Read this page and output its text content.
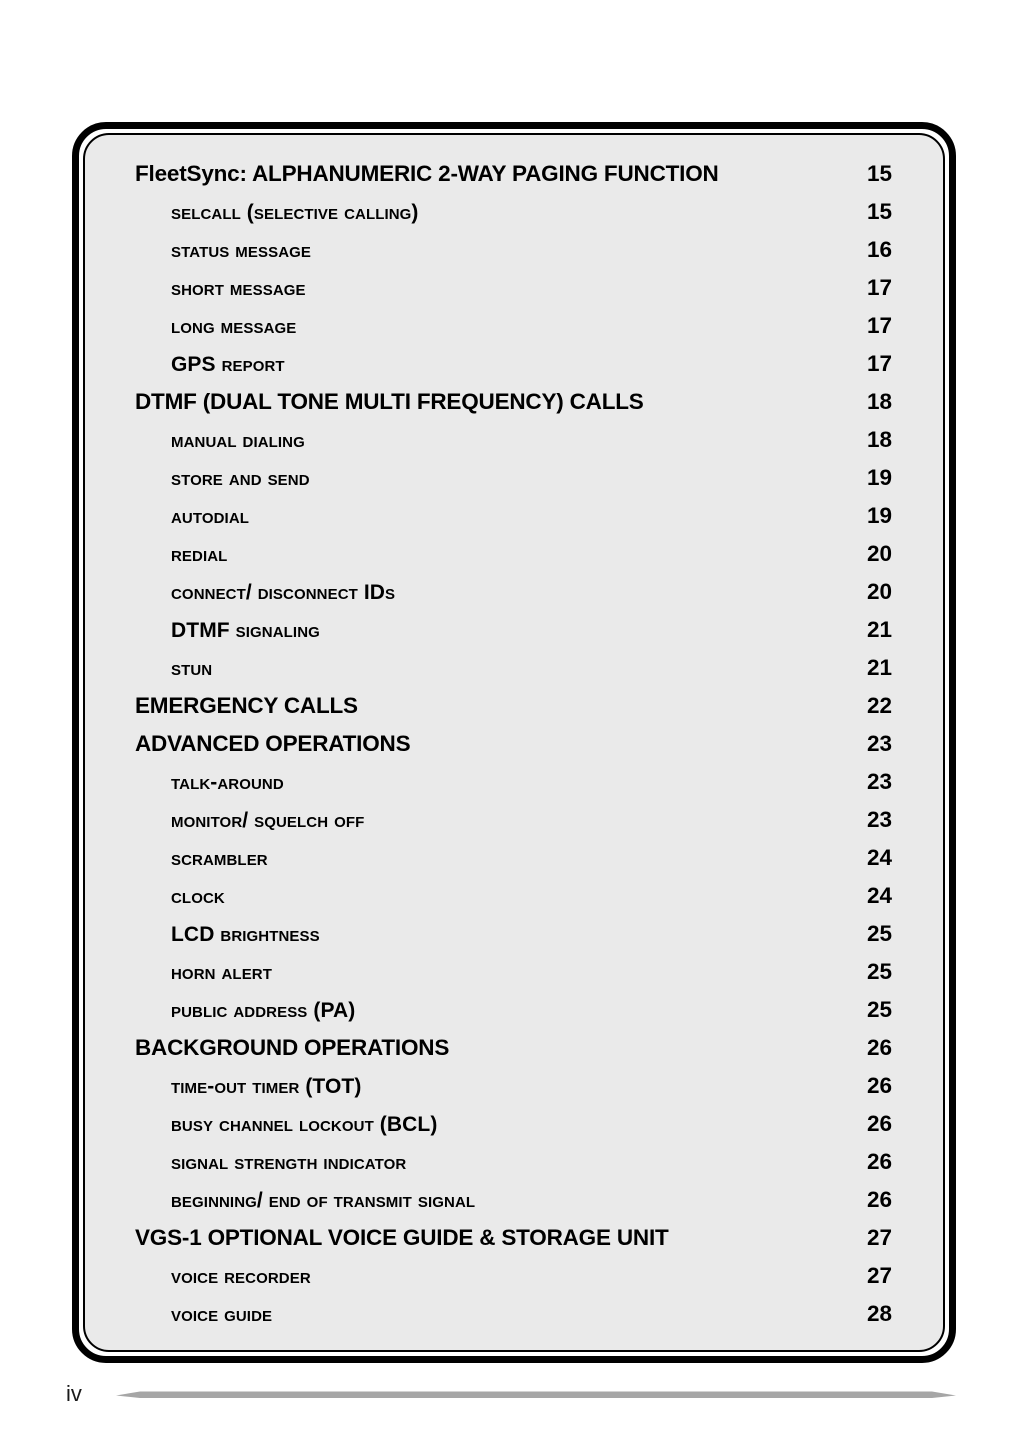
FleetSync: ALPHANUMERIC 2-WAY PAGING FUNCTION .....	15
selcall (selective calling) .....	15
status message .....	16
short message .....	17
long message .....	17
GPS report .....	17
DTMF (DUAL TONE MULTI FREQUENCY) CALLS .....	18
manual dialing .....	18
store and send .....	19
autodial .....	19
redial .....	20
connect/ disconnect IDs .....	20
DTMF signaling .....	21
stun .....	21
EMERGENCY CALLS .....	22
ADVANCED OPERATIONS .....	23
talk-around .....	23
monitor/ squelch off .....	23
scrambler .....	24
clock .....	24
LCD brightness .....	25
horn alert .....	25
public address (PA) .....	25
BACKGROUND OPERATIONS .....	26
time-out timer (TOT) .....	26
busy channel lockout (BCL) .....	26
signal strength indicator .....	26
beginning/ end of transmit signal .....	26
VGS-1 OPTIONAL VOICE GUIDE & STORAGE UNIT .....	27
voice recorder .....	27
voice guide .....	28
iv
